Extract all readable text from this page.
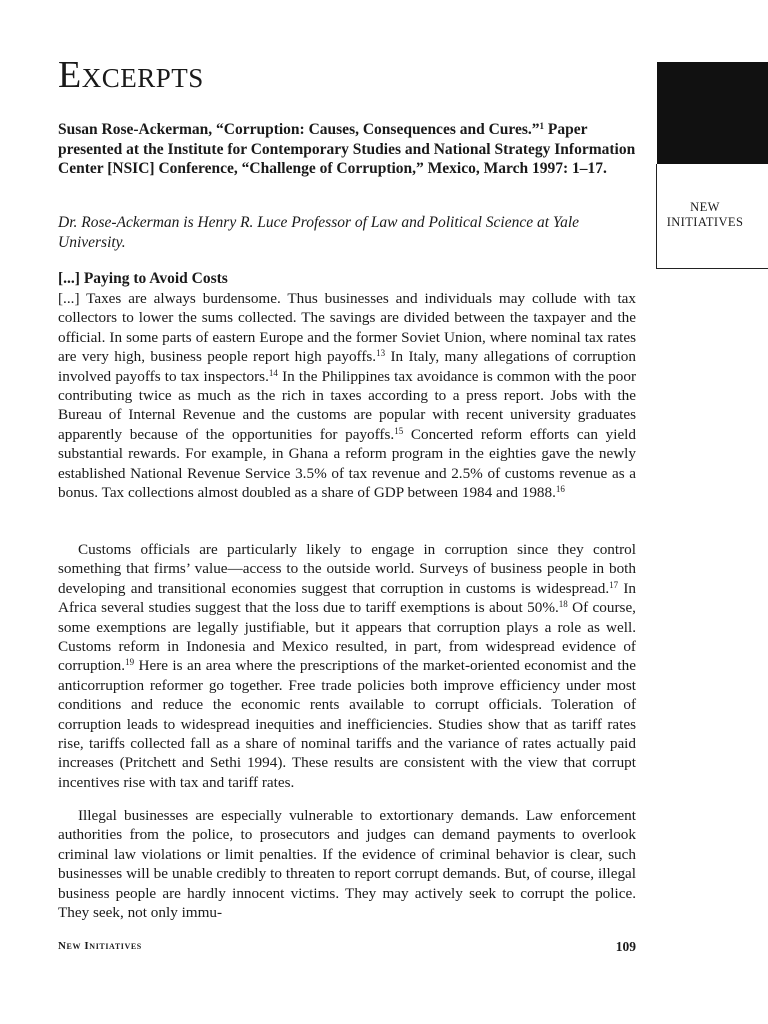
EXCERPTS

Susan Rose-Ackerman, “Corruption: Causes, Consequences and Cures.”$^1$ Paper presented at the Institute for Contemporary Studies and National Strategy Information Center [NSIC] Conference, “Challenge of Corruption,” Mexico, March 1997: 1–17.

Dr. Rose-Ackerman is Henry R. Luce Professor of Law and Political Science at Yale University.

[...] Paying to Avoid Costs

[...] Taxes are always burdensome. Thus businesses and individuals may collude with tax collectors to lower the sums collected. The savings are divided between the taxpayer and the official. In some parts of eastern Europe and the former Soviet Union, where nominal tax rates are very high, business people report high payoffs.$^{13}$ In Italy, many allegations of corruption involved payoffs to tax inspectors.$^{14}$ In the Philippines tax avoidance is common with the poor contributing twice as much as the rich in taxes according to a press report. Jobs with the Bureau of Internal Revenue and the customs are popular with recent university graduates apparently because of the opportunities for payoffs.$^{15}$ Concerted reform efforts can yield substantial rewards. For example, in Ghana a reform program in the eighties gave the newly established National Revenue Service 3.5% of tax revenue and 2.5% of customs revenue as a bonus. Tax collections almost doubled as a share of GDP between 1984 and 1988.16

Customs officials are particularly likely to engage in corruption since they control something that firms’ value—access to the outside world. Surveys of business people in both developing and transitional economies suggest that corruption in customs is widespread.$^{17}$ In Africa several studies suggest that the loss due to tariff exemptions is about 50%.$^{18}$ Of course, some exemptions are legally justifiable, but it appears that corruption plays a role as well. Customs reform in Indonesia and Mexico resulted, in part, from widespread evidence of corruption.$^{19}$ Here is an area where the prescriptions of the market-oriented economist and the anticorruption reformer go together. Free trade policies both improve efficiency under most conditions and reduce the economic rents available to corrupt officials. Toleration of corruption leads to widespread inequities and inefficiencies. Studies show that as tariff rates rise, tariffs collected fall as a share of nominal tariffs and the variance of rates actually paid increases (Pritchett and Sethi 1994). These results are consistent with the view that corrupt incentives rise with tax and tariff rates.

Illegal businesses are especially vulnerable to extortionary demands. Law enforcement authorities from the police, to prosecutors and judges can demand payments to overlook criminal law violations or limit penalties. If the evidence of criminal behavior is clear, such businesses will be unable credibly to threaten to report corrupt demands. But, of course, illegal business people are hardly innocent victims. They may actively seek to corrupt the police. They seek, not only immu-

NEW
INITIATIVES

New Initiatives	109
